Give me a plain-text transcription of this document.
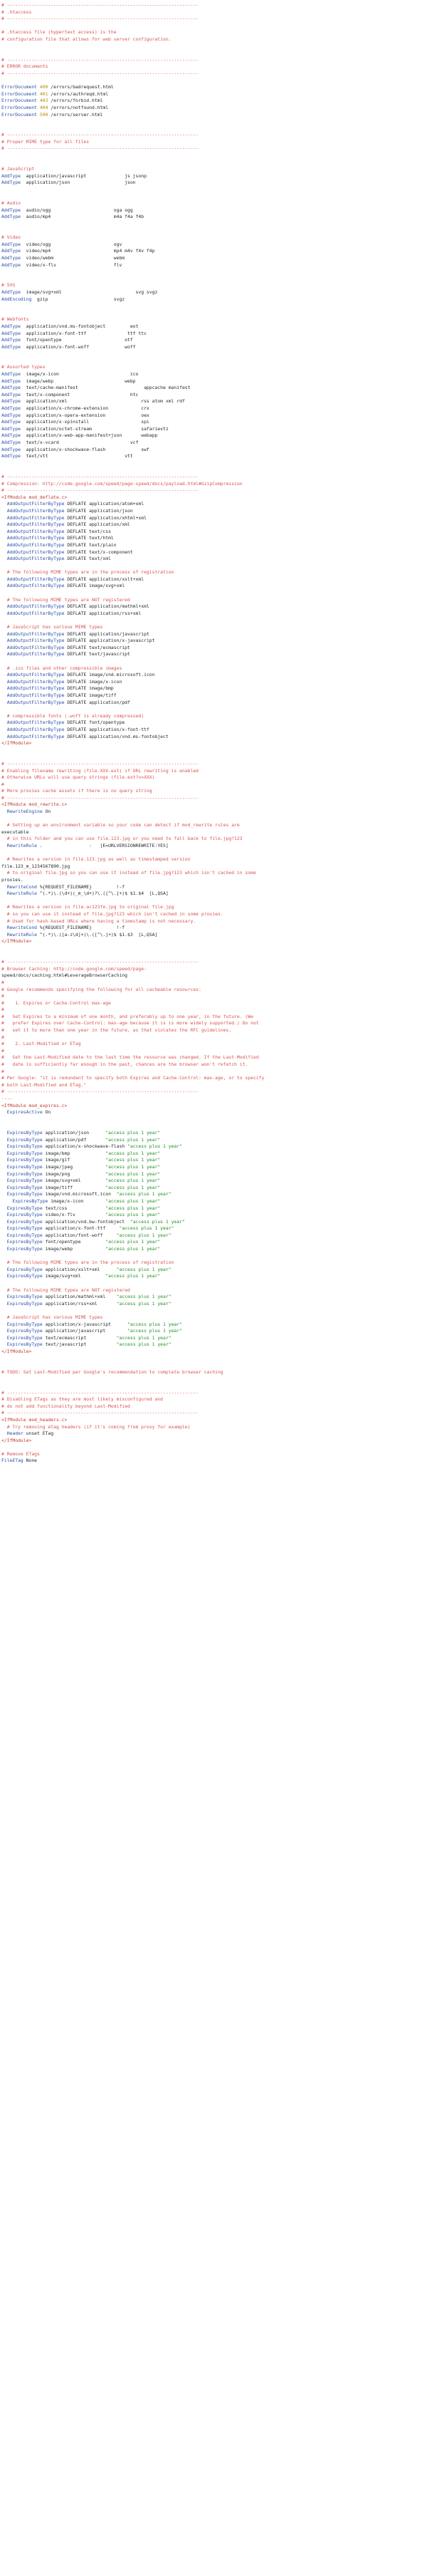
# ----------------------------------------------------------------------
# .htaccess
# ----------------------------------------------------------------------

# .htaccess file (hypertext access) is the
# configuration file that allows for web server configuration.

# ----------------------------------------------------------------------
# ERROR documents
# ----------------------------------------------------------------------

ErrorDocument 400 /errors/badrequest.html
ErrorDocument 401 /errors/authreqd.html
ErrorDocument 403 /errors/forbid.html
ErrorDocument 404 /errors/notfound.html
ErrorDocument 500 /errors/server.html

# ----------------------------------------------------------------------
# Proper MIME type for all files
# ----------------------------------------------------------------------

# JavaScript
AddType  application/javascript              js jsonp
AddType  application/json                    json

# Audio
AddType  audio/ogg                       oga ogg
AddType  audio/mp4                       m4a f4a f4b

# Video
AddType  video/ogg                       ogv
AddType  video/mp4                       mp4 m4v f4v f4p
AddType  video/webm                      webm
AddType  video/x-flv                     flv

# SVG
AddType  image/svg+xml                           svg svgz
AddEncoding  gzip                        svgz

# Webfonts
AddType  application/vnd.ms-fontobject         eot
AddType  application/x-font-ttf               ttf ttc
AddType  font/opentype                       otf
AddType  application/x-font-woff             woff

# Assorted types
AddType  image/x-icon                          ico
AddType  image/webp                          webp
AddType  text/cache-manifest                        appcache manifest
AddType  text/x-component                      htc
AddType  application/xml                           rss atom xml rdf
AddType  application/x-chrome-extension            crx
AddType  application/x-opera-extension             oex
AddType  application/x-xpinstall                   xpi
AddType  application/octet-stream                  safariextz
AddType  application/x-web-app-manifest+json       webapp
AddType  text/x-vcard                          vcf
AddType  application/x-shockwave-flash             swf
AddType  text/vtt                            vtt

# ----------------------------------------------------------------------
# Compression: http://code.google.com/speed/page-speed/docs/payload.html#GzipCompression
# ----------------------------------------------------------------------
<IfModule mod_deflate.c>
AddOutputFilterByType DEFLATE application/atom+xml
AddOutputFilterByType DEFLATE application/json
AddOutputFilterByType DEFLATE application/xhtml+xml
AddOutputFilterByType DEFLATE application/xml
AddOutputFilterByType DEFLATE text/css
AddOutputFilterByType DEFLATE text/html
AddOutputFilterByType DEFLATE text/plain
AddOutputFilterByType DEFLATE text/x-component
AddOutputFilterByType DEFLATE text/xml

# The following MIME types are in the process of registration
AddOutputFilterByType DEFLATE application/xslt+xml
AddOutputFilterByType DEFLATE image/svg+xml

# The following MIME types are NOT registered
AddOutputFilterByType DEFLATE application/mathml+xml
AddOutputFilterByType DEFLATE application/rss+xml

# JavaScript has various MIME types
AddOutputFilterByType DEFLATE application/javascript
AddOutputFilterByType DEFLATE application/x-javascript
AddOutputFilterByType DEFLATE text/ecmascript
AddOutputFilterByType DEFLATE text/javascript

# .ico files and other compressible images
AddOutputFilterByType DEFLATE image/vnd.microsoft.icon
AddOutputFilterByType DEFLATE image/x-icon
AddOutputFilterByType DEFLATE image/bmp
AddOutputFilterByType DEFLATE image/tiff
AddOutputFilterByType DEFLATE application/pdf

# compressible fonts (.woff is already compressed)
AddOutputFilterByType DEFLATE font/opentype
AddOutputFilterByType DEFLATE application/x-font-ttf
AddOutputFilterByType DEFLATE application/vnd.ms-fontobject
</IfModule>

# ----------------------------------------------------------------------
# Enabling filename rewriting (file.XXX.ext) if URL rewriting is enabled
# Otherwise URLs will use query strings (file.ext?v=XXX)
#
# More proxies cache assets if there is no query string
# ----------------------------------------------------------------------
<IfModule mod_rewrite.c>
RewriteEngine On

# Setting up an environment variable so your code can detect if mod_rewrite rules are
executable
# in this folder and you can use file.123.jpg or you need to fall back to file.jpg?123
RewriteRule .                 -   [E=URLVERSIONREWRITE:YES]

# Rewrites a version in file.123.jpg as well as timestamped version
file.123_m_1234567890.jpg
# to original file.jpg so you can use it instead of file.jpg?123 which isn't cached in some
proxies.
RewriteCond %{REQUEST_FILENAME}         !-f
RewriteRule ^(.*)\.(\d+)(_m_\d+)?\.([^\.]+)$ $1.$4  [L,QSA]

# Rewrites a version in file.ac123fe.jpg to original file.jpg
# so you can use it instead of file.jpg?123 which isn't cached in some proxies.
# Used for hash-based URLs where having a timestamp is not necessary.
RewriteCond %{REQUEST_FILENAME}         !-f
RewriteRule ^(.*)\.([a-z\d]+)\.([^\.]+)$ $1.$3  [L,QSA]
</IfModule>

# ----------------------------------------------------------------------
# Browser Caching: http://code.google.com/speed/page-
speed/docs/caching.html#LeverageBrowserCaching
#
# Google recommends specifying the following for all cacheable resources:
#
#    1. Expires or Cache-Control max-age
#
#   Set Expires to a minimum of one month, and preferably up to one year, in the future. (We
#   prefer Expires over Cache-Control: max-age because it is is more widely supported.) Do not
#   set it to more than one year in the future, as that violates the RFC guidelines.
#
#    2. Last-Modified or ETag
#
#   Set the Last-Modified date to the last time the resource was changed. If the Last-Modified
#   date is sufficiently far enough in the past, chances are the browser won't refetch it.
#
# Per Google: "it is redundant to specify both Expires and Cache-Control: max-age, or to specify
# both Last-Modified and ETag."
# ----------------------------------------------------------------------
----
<IfModule mod_expires.c>
ExpiresActive On

ExpiresByType application/json      "access plus 1 year"
ExpiresByType application/pdf       "access plus 1 year"
ExpiresByType application/x-shockwave-flash "access plus 1 year"
ExpiresByType image/bmp             "access plus 1 year"
ExpiresByType image/gif             "access plus 1 year"
ExpiresByType image/jpeg            "access plus 1 year"
ExpiresByType image/png             "access plus 1 year"
ExpiresByType image/svg+xml         "access plus 1 year"
ExpiresByType image/tiff            "access plus 1 year"
ExpiresByType image/vnd.microsoft.icon  "access plus 1 year"
ExpiresByType image/x-icon        "access plus 1 year"
ExpiresByType text/css              "access plus 1 year"
ExpiresByType video/x-flv           "access plus 1 year"
ExpiresByType application/vnd.bw-fontobject  "access plus 1 year"
ExpiresByType application/x-font-ttf     "access plus 1 year"
ExpiresByType application/font-woff     "access plus 1 year"
ExpiresByType font/opentype         "access plus 1 year"
ExpiresByType image/webp            "access plus 1 year"

# The following MIME types are in the process of registration
ExpiresByType application/xslt+xml      "access plus 1 year"
ExpiresByType image/svg+xml         "access plus 1 year"

# The following MIME types are NOT registered
ExpiresByType application/mathml+xml    "access plus 1 year"
ExpiresByType application/rss+xml       "access plus 1 year"

# JavaScript has various MIME types
ExpiresByType application/x-javascript      "access plus 1 year"
ExpiresByType application/javascript        "access plus 1 year"
ExpiresByType text/ecmascript           "access plus 1 year"
ExpiresByType text/javascript           "access plus 1 year"
</IfModule>

# TODO: Set Last-Modified per Google's recommendation to complete browser caching

# ----------------------------------------------------------------------
# Disabling ETags as they are most likely misconfigured and
# do not add functionality beyond Last-Modified
# ----------------------------------------------------------------------
<IfModule mod_headers.c>
# Try removing etag headers (if it's coming from proxy for example)
Header unset ETag
</IfModule>

# Remove ETags
FileETag None
